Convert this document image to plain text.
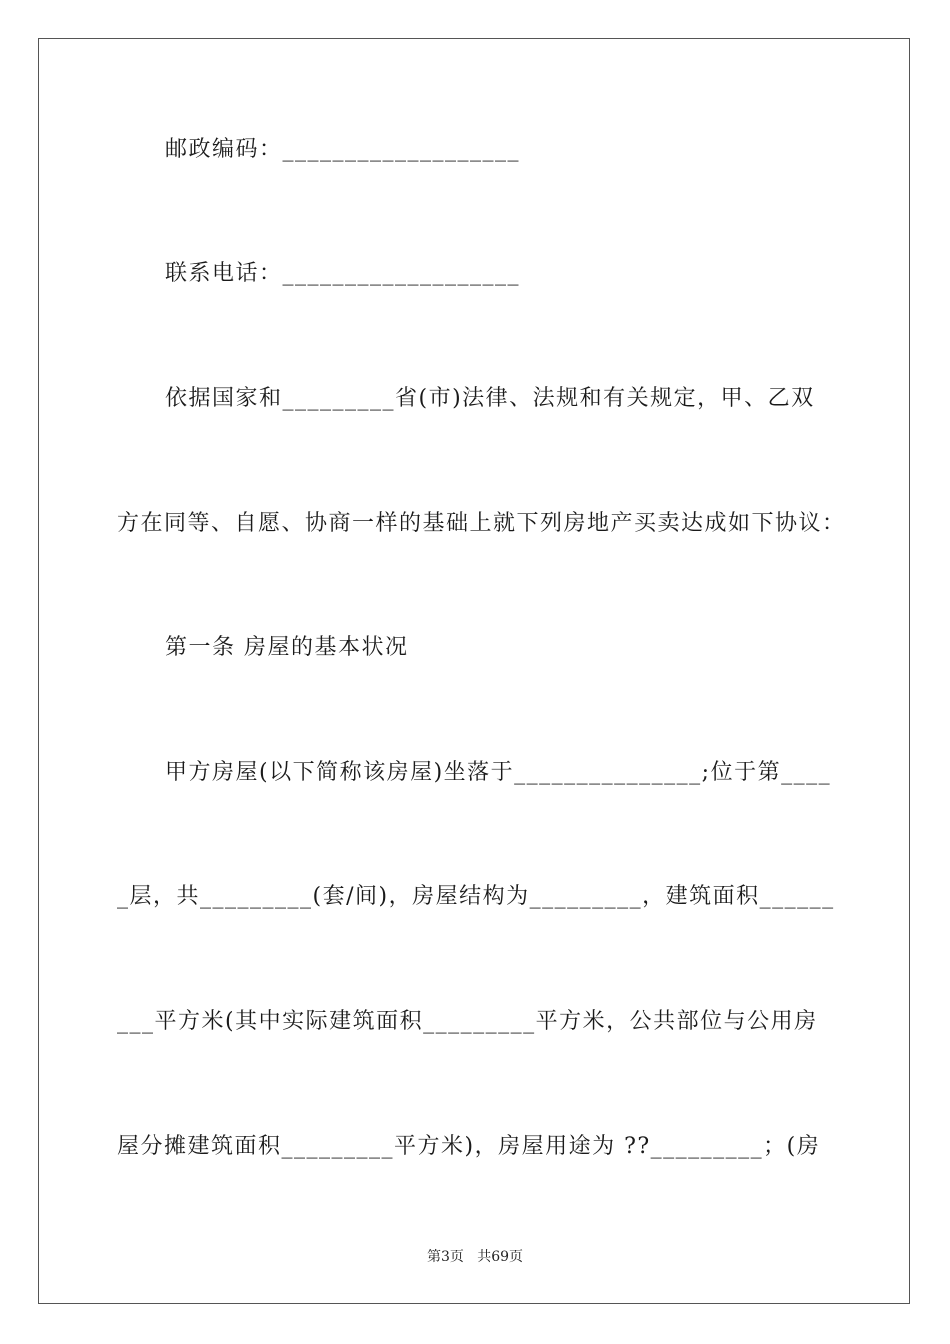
邮政编码：___________________
联系电话：___________________
依据国家和_________省(市)法律、法规和有关规定，甲、乙双
方在同等、自愿、协商一样的基础上就下列房地产买卖达成如下协议：
第一条 房屋的基本状况
甲方房屋(以下简称该房屋)坐落于_______________;位于第____
_层，共_________(套/间)，房屋结构为_________，建筑面积______
___平方米(其中实际建筑面积_________平方米，公共部位与公用房
屋分摊建筑面积_________平方米)，房屋用途为 ??_________；(房
第3页   共69页
